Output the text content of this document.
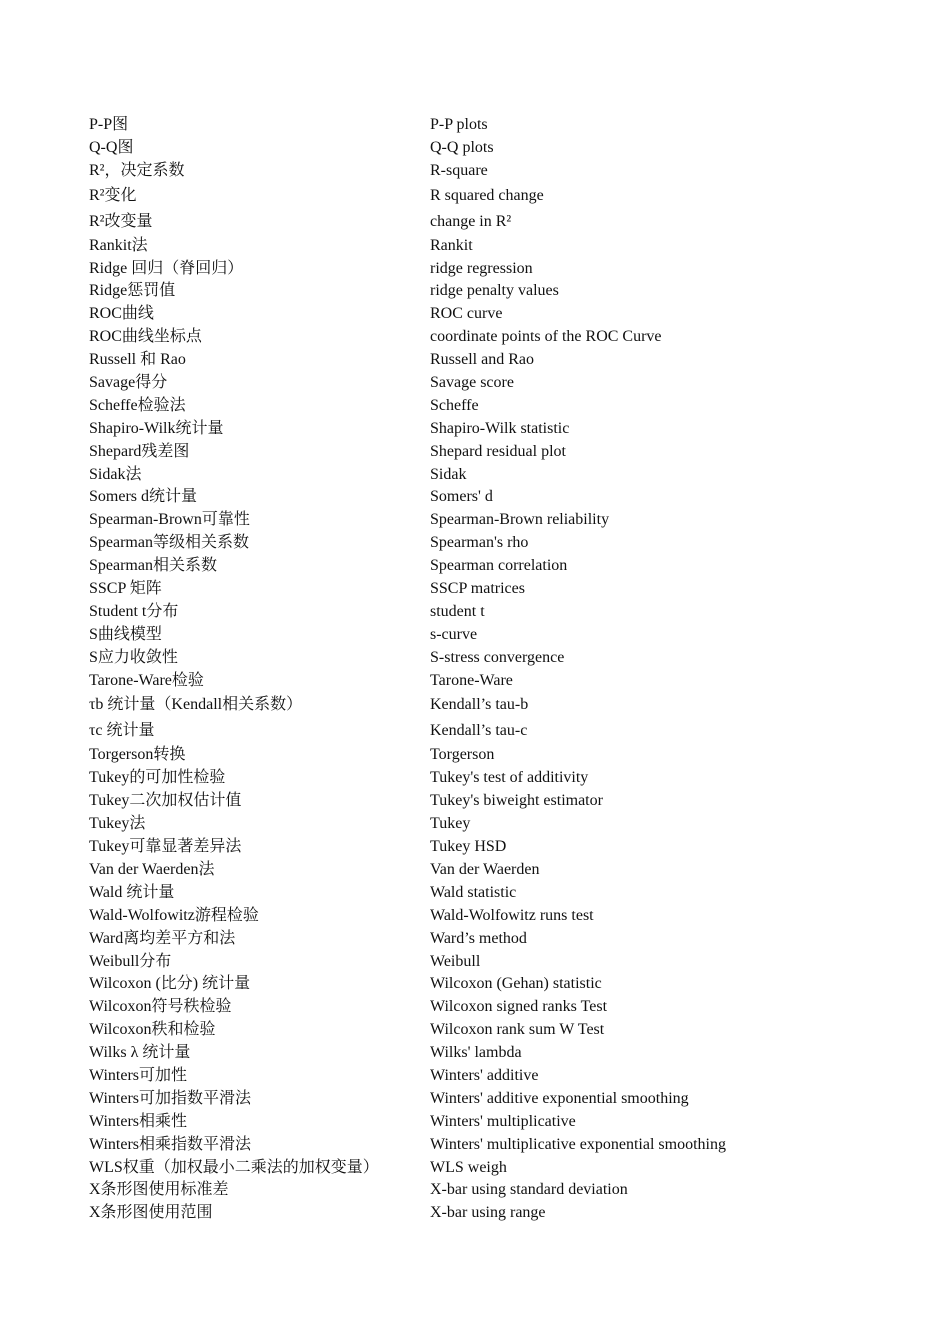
P-P图	P-P plots
Q-Q图	Q-Q plots
R²，决定系数	R-square
R²变化	R squared change
R²改变量	change in R²
Rankit法	Rankit
Ridge 回归（脊回归）	ridge regression
Ridge惩罚值	ridge penalty values
ROC曲线	ROC curve
ROC曲线坐标点	coordinate points of the ROC Curve
Russell 和 Rao	Russell and Rao
Savage得分	Savage score
Scheffe检验法	Scheffe
Shapiro-Wilk统计量	Shapiro-Wilk statistic
Shepard残差图	Shepard residual plot
Sidak法	Sidak
Somers d统计量	Somers' d
Spearman-Brown可靠性	Spearman-Brown reliability
Spearman等级相关系数	Spearman's rho
Spearman相关系数	Spearman correlation
SSCP 矩阵	SSCP matrices
Student t分布	student t
S曲线模型	s-curve
S应力收敛性	S-stress convergence
Tarone-Ware检验	Tarone-Ware
τb 统计量（Kendall相关系数）	Kendall’s tau-b
τc 统计量	Kendall’s tau-c
Torgerson转换	Torgerson
Tukey的可加性检验	Tukey's test of additivity
Tukey二次加权估计值	Tukey's biweight estimator
Tukey法	Tukey
Tukey可靠显著差异法	Tukey HSD
Van der Waerden法	Van der Waerden
Wald 统计量	Wald statistic
Wald-Wolfowitz游程检验	Wald-Wolfowitz runs test
Ward离均差平方和法	Ward’s method
Weibull分布	Weibull
Wilcoxon (比分) 统计量	Wilcoxon (Gehan) statistic
Wilcoxon符号秩检验	Wilcoxon signed ranks Test
Wilcoxon秩和检验	Wilcoxon rank sum W Test
Wilks λ 统计量	Wilks' lambda
Winters可加性	Winters' additive
Winters可加指数平滑法	Winters' additive exponential smoothing
Winters相乘性	Winters' multiplicative
Winters相乘指数平滑法	Winters' multiplicative exponential smoothing
WLS权重（加权最小二乘法的加权变量）	WLS weigh
X条形图使用标准差	X-bar using standard deviation
X条形图使用范围	X-bar using range
